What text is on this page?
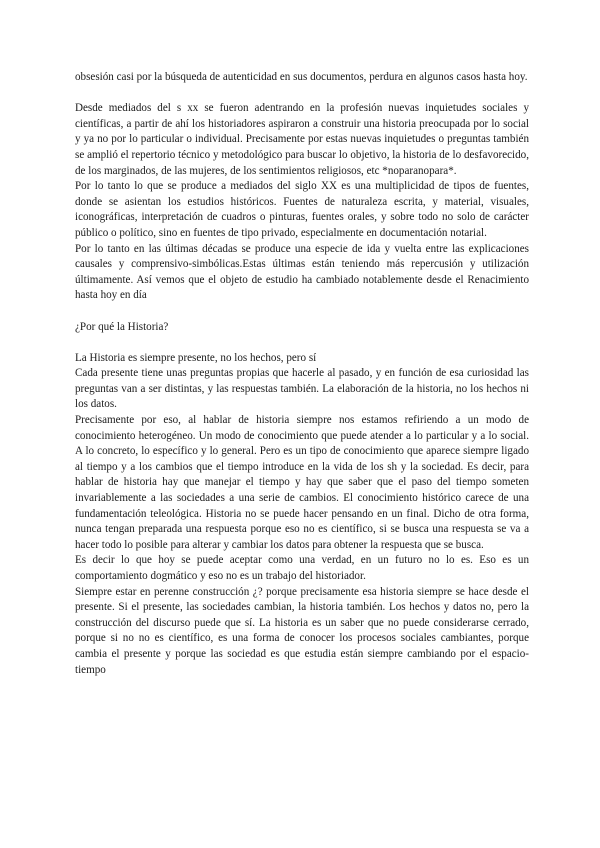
obsesión casi por la búsqueda de autenticidad en sus documentos, perdura en algunos casos hasta hoy.

Desde mediados del s xx se fueron adentrando en la profesión nuevas inquietudes sociales y científicas, a partir de ahí los historiadores aspiraron a construir una historia preocupada por lo social y ya no por lo particular o individual. Precisamente por estas nuevas inquietudes o preguntas también se amplió el repertorio técnico y metodológico para buscar lo objetivo, la historia de lo desfavorecido, de los marginados, de las mujeres, de los sentimientos religiosos, etc *noparanopara*.

Por lo tanto lo que se produce a mediados del siglo XX es una multiplicidad de tipos de fuentes, donde se asientan los estudios históricos. Fuentes de naturaleza escrita, y material, visuales, iconográficas, interpretación de cuadros o pinturas, fuentes orales, y sobre todo no solo de carácter público o político, sino en fuentes de tipo privado, especialmente en documentación notarial.

Por lo tanto en las últimas décadas se produce una especie de ida y vuelta entre las explicaciones causales y comprensivo-simbólicas.Estas últimas están teniendo más repercusión y utilización últimamente. Así vemos que el objeto de estudio ha cambiado notablemente desde el Renacimiento hasta hoy en día

¿Por qué la Historia?

La Historia es siempre presente, no los hechos, pero sí

Cada presente tiene unas preguntas propias que hacerle al pasado, y en función de esa curiosidad las preguntas van a ser distintas, y las respuestas también. La elaboración de la historia, no los hechos ni los datos.

Precisamente por eso, al hablar de historia siempre nos estamos refiriendo a un modo de conocimiento heterogéneo. Un modo de conocimiento que puede atender a lo particular y a lo social. A lo concreto, lo específico y lo general. Pero es un tipo de conocimiento que aparece siempre ligado al tiempo y a los cambios que el tiempo introduce en la vida de los sh y la sociedad. Es decir, para hablar de historia hay que manejar el tiempo y hay que saber que el paso del tiempo someten invariablemente a las sociedades a una serie de cambios. El conocimiento histórico carece de una fundamentación teleológica. Historia no se puede hacer pensando en un final. Dicho de otra forma, nunca tengan preparada una respuesta porque eso no es científico, si se busca una respuesta se va a hacer todo lo posible para alterar y cambiar los datos para obtener la respuesta que se busca.

Es decir lo que hoy se puede aceptar como una verdad, en un futuro no lo es. Eso es un comportamiento dogmático y eso no es un trabajo del historiador.

Siempre estar en perenne construcción ¿? porque precisamente esa historia siempre se hace desde el presente. Si el presente, las sociedades cambian, la historia también. Los hechos y datos no, pero la construcción del discurso puede que sí. La historia es un saber que no puede considerarse cerrado, porque si no no es científico, es una forma de conocer los procesos sociales cambiantes, porque cambia el presente y porque las sociedad es que estudia están siempre cambiando por el espacio-tiempo
